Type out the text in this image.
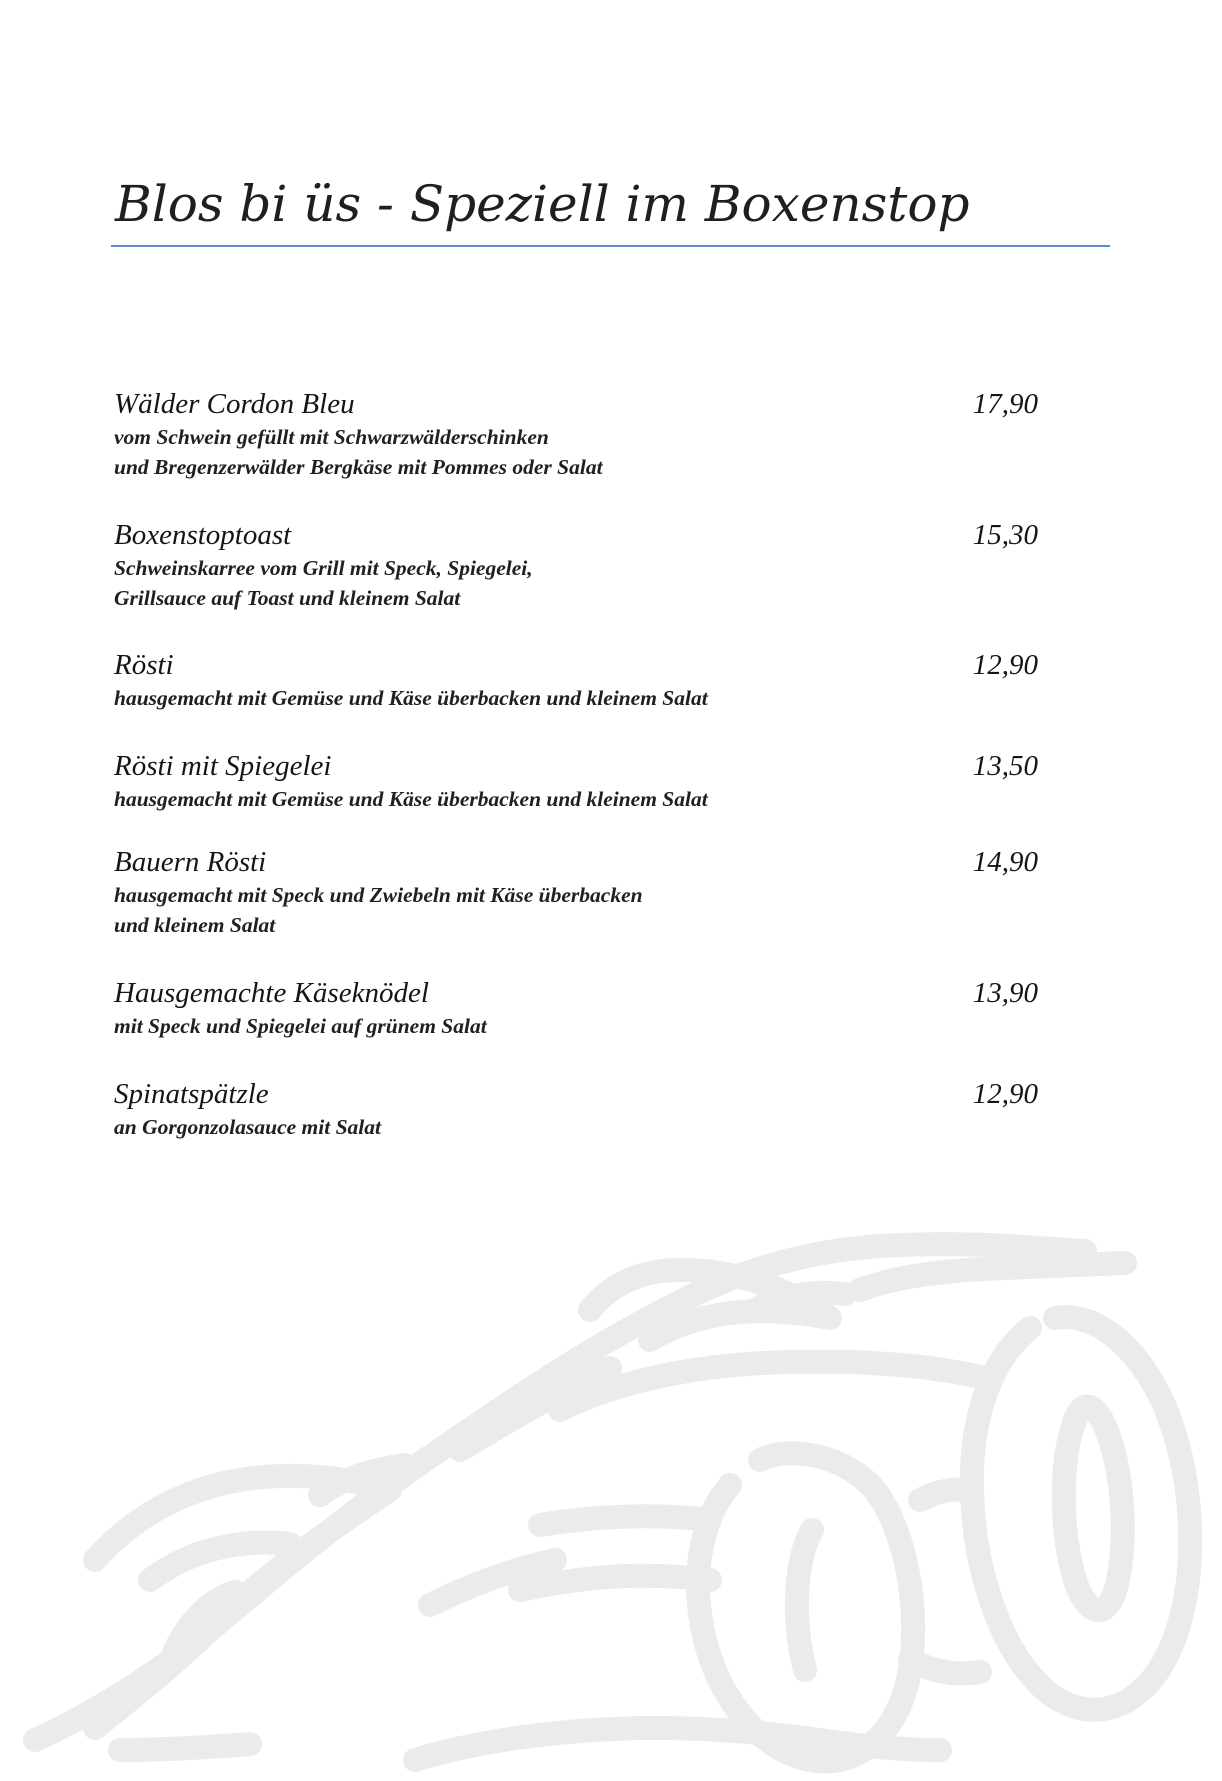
Blos bi üs - Speziell im Boxenstop
Wälder Cordon Bleu	17,90
vom Schwein gefüllt mit Schwarzwälderschinken
und Bregenzerwälder Bergkäse mit Pommes oder Salat
Boxenstoptoast	15,30
Schweinskarree vom Grill mit Speck, Spiegelei,
Grillsauce auf Toast und kleinem Salat
Rösti	12,90
hausgemacht mit Gemüse und Käse überbacken und kleinem Salat
Rösti mit Spiegelei	13,50
hausgemacht mit Gemüse und Käse überbacken und kleinem Salat
Bauern Rösti	14,90
hausgemacht mit Speck und Zwiebeln mit Käse überbacken
und kleinem Salat
Hausgemachte Käseknödel	13,90
mit Speck und Spiegelei auf grünem Salat
Spinatspätzle	12,90
an Gorgonzolasauce mit Salat
